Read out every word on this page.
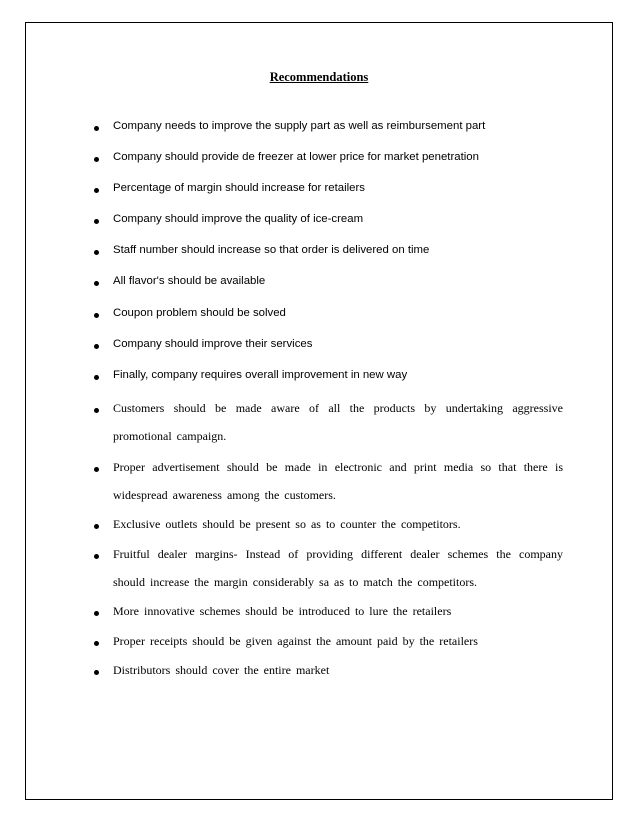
Recommendations
Company needs to improve the supply part as well as reimbursement part
Company should provide de freezer at lower price for market penetration
Percentage of margin should increase for retailers
Company should improve the quality of ice-cream
Staff number should increase so that order is delivered on time
All flavor's should be available
Coupon problem should be solved
Company should improve their services
Finally, company requires overall improvement in new way
Customers should be made aware of all the products by undertaking aggressive
promotional campaign.
Proper advertisement should be made in electronic and print media so that there is
widespread awareness among the customers.
Exclusive outlets should be present so as to counter the competitors.
Fruitful dealer margins- Instead of providing different dealer schemes the company
should increase the margin considerably sa as to match the competitors.
More innovative schemes should be introduced to lure the retailers
Proper receipts should be given against the amount paid by the retailers
Distributors should cover the entire market
